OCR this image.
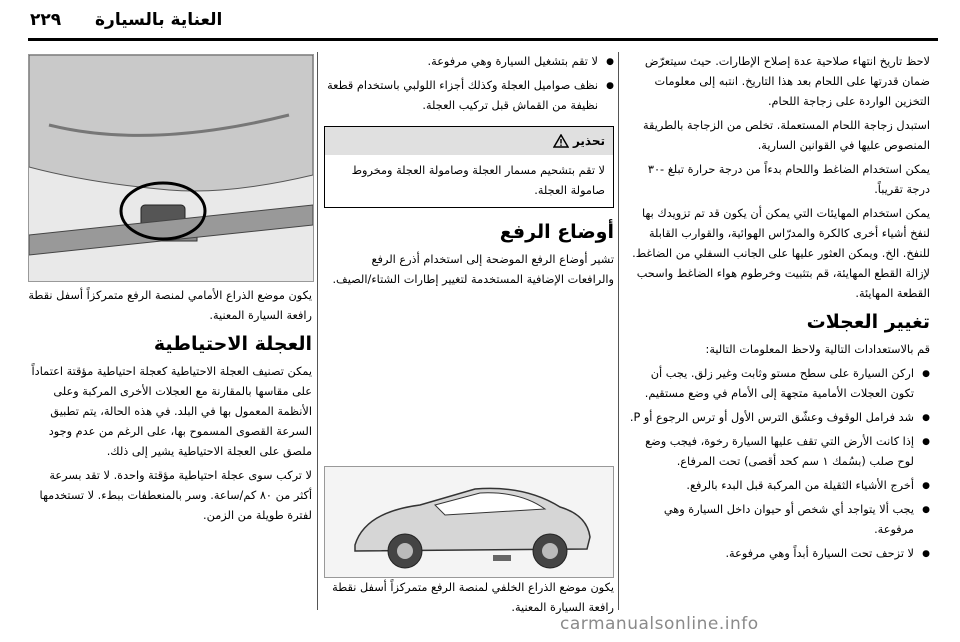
٢٢٩ العناية بالسيارة

لاحظ تاريخ انتهاء صلاحية عدة إصلاح الإطارات. حيث سيتعرّض ضمان قدرتها على اللحام بعد هذا التاريخ. انتبه إلى معلومات التخزين الواردة على زجاجة اللحام.

استبدل زجاجة اللحام المستعملة. تخلص من الزجاجة بالطريقة المنصوص عليها في القوانين السارية.

يمكن استخدام الضاغط واللحام بدءاً من درجة حرارة تبلغ -٣٠ درجة تقريباً.

يمكن استخدام المهايئات التي يمكن أن يكون قد تم تزويدك بها لنفخ أشياء أخرى كالكرة والمدرّاس الهوائية، والقوارب القابلة للنفخ. الخ. ويمكن العثور عليها على الجانب السفلي من الضاغط. لإزالة القطع المهايئة، قم بتثبيت وخرطوم هواء الضاغط واسحب القطعة المهايئة.

تغيير العجلات

قم بالاستعدادات التالية ولاحظ المعلومات التالية:

● اركن السيارة على سطح مستو وثابت وغير زلق. يجب أن تكون العجلات الأمامية متجهة إلى الأمام في وضع مستقيم.
● شد فرامل الوقوف وعشّق الترس الأول أو ترس الرجوع أو P.
● إذا كانت الأرض التي تقف عليها السيارة رخوة، فيجب وضع لوح صلب (بسُمك ١ سم كحد أقصى) تحت المرفاع.
● أخرج الأشياء الثقيلة من المركبة قبل البدء بالرفع.
● يجب ألا يتواجد أي شخص أو حيوان داخل السيارة وهي مرفوعة.
● لا تزحف تحت السيارة أبداً وهي مرفوعة.
● لا تقم بتشغيل السيارة وهي مرفوعة.
● نظف صواميل العجلة وكذلك أجزاء اللولبي باستخدام قطعة نظيفة من القماش قبل تركيب العجلة.
تحذير
لا تقم بتشحيم مسمار العجلة وصامولة العجلة ومخروط صامولة العجلة.
أوضاع الرفع

تشير أوضاع الرفع الموضحة إلى استخدام أذرع الرفع والرافعات الإضافية المستخدمة لتغيير إطارات الشتاء/الصيف.

يكون موضع الذراع الخلفي لمنصة الرفع متمركزاً أسفل نقطة رافعة السيارة المعنية.

يكون موضع الذراع الأمامي لمنصة الرفع متمركزاً أسفل نقطة رافعة السيارة المعنية.

العجلة الاحتياطية

يمكن تصنيف العجلة الاحتياطية كعجلة احتياطية مؤقتة اعتماداً على مقاسها بالمقارنة مع العجلات الأخرى المركبة وعلى الأنظمة المعمول بها في البلد. في هذه الحالة، يتم تطبيق السرعة القصوى المسموح بها، على الرغم من عدم وجود ملصق على العجلة الاحتياطية يشير إلى ذلك.

لا تركب سوى عجلة احتياطية مؤقتة واحدة. لا تقد بسرعة أكثر من ٨٠ كم/ساعة. وسر بالمنعطفات ببطء. لا تستخدمها لفترة طويلة من الزمن.

carmanualsonline.info
